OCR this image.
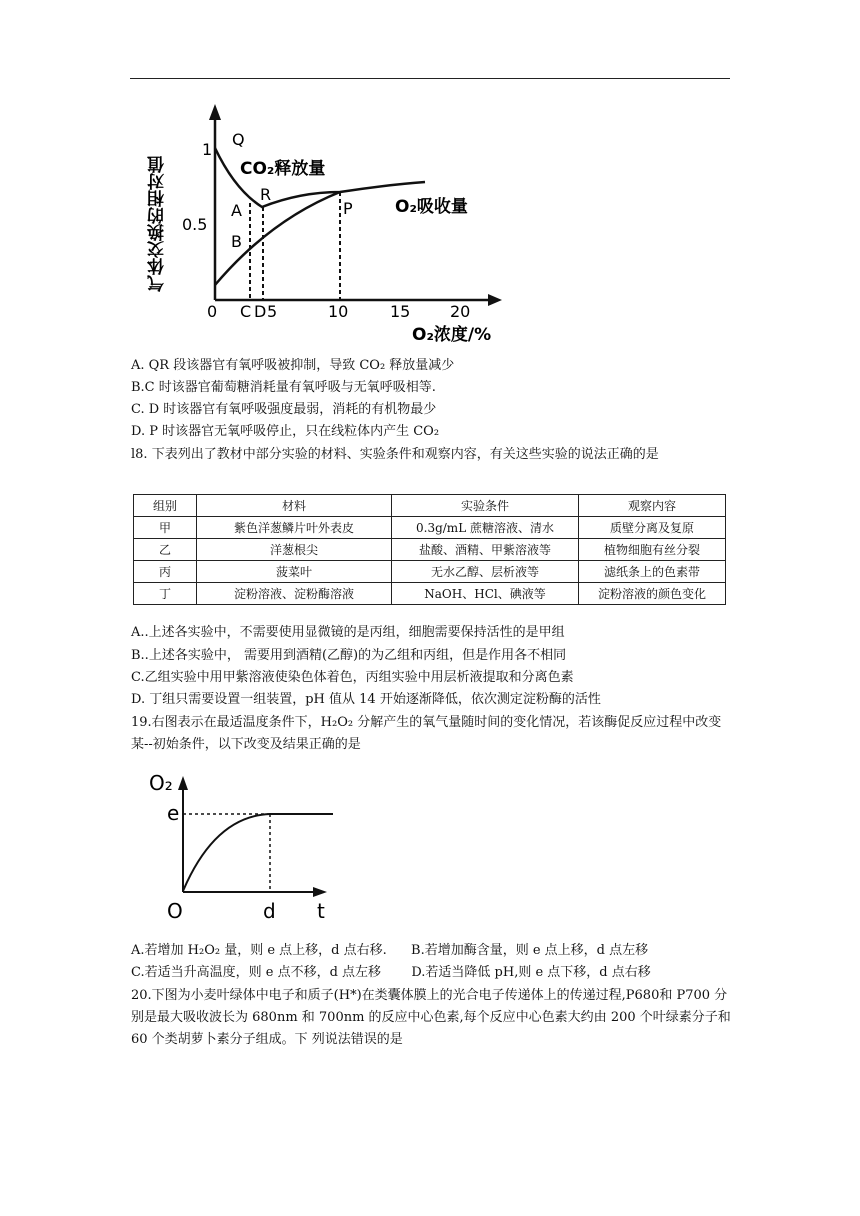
气体交换的相对值
1
0.5
0 C D 5	10	15 20
O₂浓度/%
Q
R
A
B
P
CO₂释放量
O₂吸收量
A. QR 段该器官有氧呼吸被抑制，导致 CO₂ 释放量减少
B.C 时该器官葡萄糖消耗量有氧呼吸与无氧呼吸相等.
C. D 时该器官有氧呼吸强度最弱，消耗的有机物最少
D. P 时该器官无氧呼吸停止，只在线粒体内产生 CO₂
l8. 下表列出了教材中部分实验的材料、实验条件和观察内容，有关这些实验的说法正确的是
组别	材料	实验条件	观察内容
甲	紫色洋葱鳞片叶外表皮	0.3g/mL 蔗糖溶液、清水	质壁分离及复原
乙	洋葱根尖	盐酸、酒精、甲紫溶液等	植物细胞有丝分裂
丙	菠菜叶	无水乙醇、层析液等	滤纸条上的色素带
丁	淀粉溶液、淀粉酶溶液	NaOH、HCl、碘液等	淀粉溶液的颜色变化
A..上述各实验中，不需要使用显微镜的是丙组，细胞需要保持活性的是甲组
B..上述各实验中， 需要用到酒精(乙醇)的为乙组和丙组，但是作用各不相同
C.乙组实验中用甲紫溶液使染色体着色，丙组实验中用层析液提取和分离色素
D. 丁组只需要设置一组装置，pH 值从 14 开始逐渐降低，依次测定淀粉酶的活性
19.右图表示在最适温度条件下，H₂O₂ 分解产生的氧气量随时间的变化情况，若该酶促反应过程中改变某--初始条件，以下改变及结果正确的是
O₂
e
O	d t
A.若增加 H₂O₂ 量，则 e 点上移，d 点右移. B.若增加酶含量，则 e 点上移，d 点左移
C.若适当升高温度，则 e 点不移，d 点左移 D.若适当降低 pH,则 e 点下移，d 点右移
20.下图为小麦叶绿体中电子和质子(H*)在类囊体膜上的光合电子传递体上的传递过程,P680和 P700 分别是最大吸收波长为 680nm 和 700nm 的反应中心色素,每个反应中心色素大约由 200 个叶绿素分子和 60 个类胡萝卜素分子组成。下 列说法错误的是
